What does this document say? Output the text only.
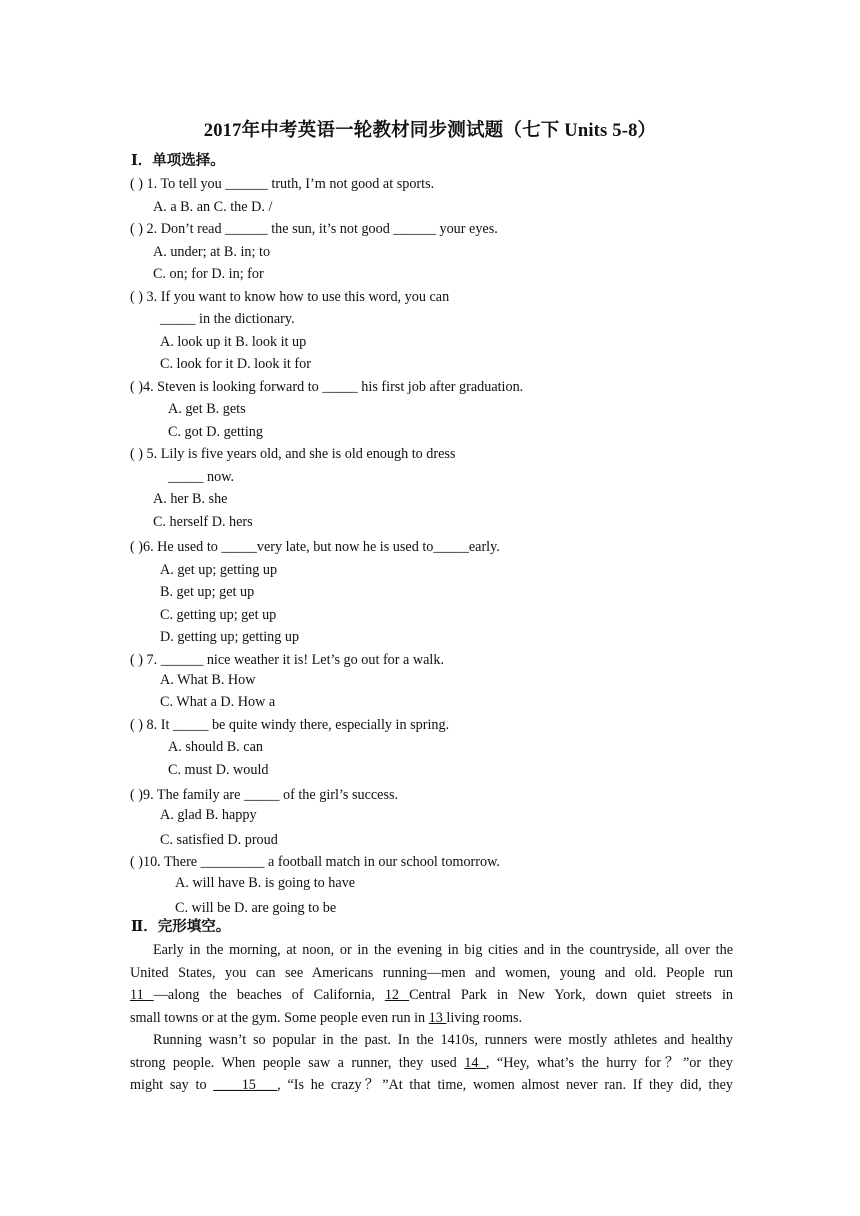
2017年中考英语一轮教材同步测试题（七下 Units 5-8）
Ⅰ．单项选择。
( ) 1. To tell you ______ truth, I’m not good at sports.
A. a B. an C. the D. /
( ) 2. Don’t read ______ the sun, it’s not good ______ your eyes.
A. under; at B. in; to
C. on; for D. in; for
( ) 3. If you want to know how to use this word, you can
_____ in the dictionary.
A. look up it B. look it up
C. look for it D. look it for
( )4. Steven is looking forward to _____ his first job after graduation.
A. get B. gets
C. got D. getting
( ) 5. Lily is five years old, and she is old enough to dress
_____ now.
A. her B. she
C. herself D. hers
( )6. He used to _____very late, but now he is used to_____early.
A. get up; getting up
B. get up; get up
C. getting up; get up
D. getting up; getting up
( ) 7. ______ nice weather it is! Let’s go out for a walk.
A. What B. How
C. What a D. How a
( ) 8. It _____ be quite windy there, especially in spring.
A. should B. can
C. must D. would
( )9. The family are _____ of the girl’s success.
A. glad B. happy
C. satisfied D. proud
( )10. There _________ a football match in our school tomorrow.
A. will have B. is going to have
C. will be D. are going to be
Ⅱ．完形填空。
Early in the morning, at noon, or in the evening in big cities and in the countryside, all over the
United States, you can see Americans running—men and women, young and old. People run
11 —along the beaches of California, 12 Central Park in New York, down quiet streets in
small towns or at the gym. Some people even run in 13 living rooms.
Running wasn’t so popular in the past. In the 1410s, runners were mostly athletes and healthy
strong people. When people saw a runner, they used 14 , “Hey, what’s the hurry for？”or they
might say to ____15___, “Is he crazy？”At that time, women almost never ran. If they did, they
